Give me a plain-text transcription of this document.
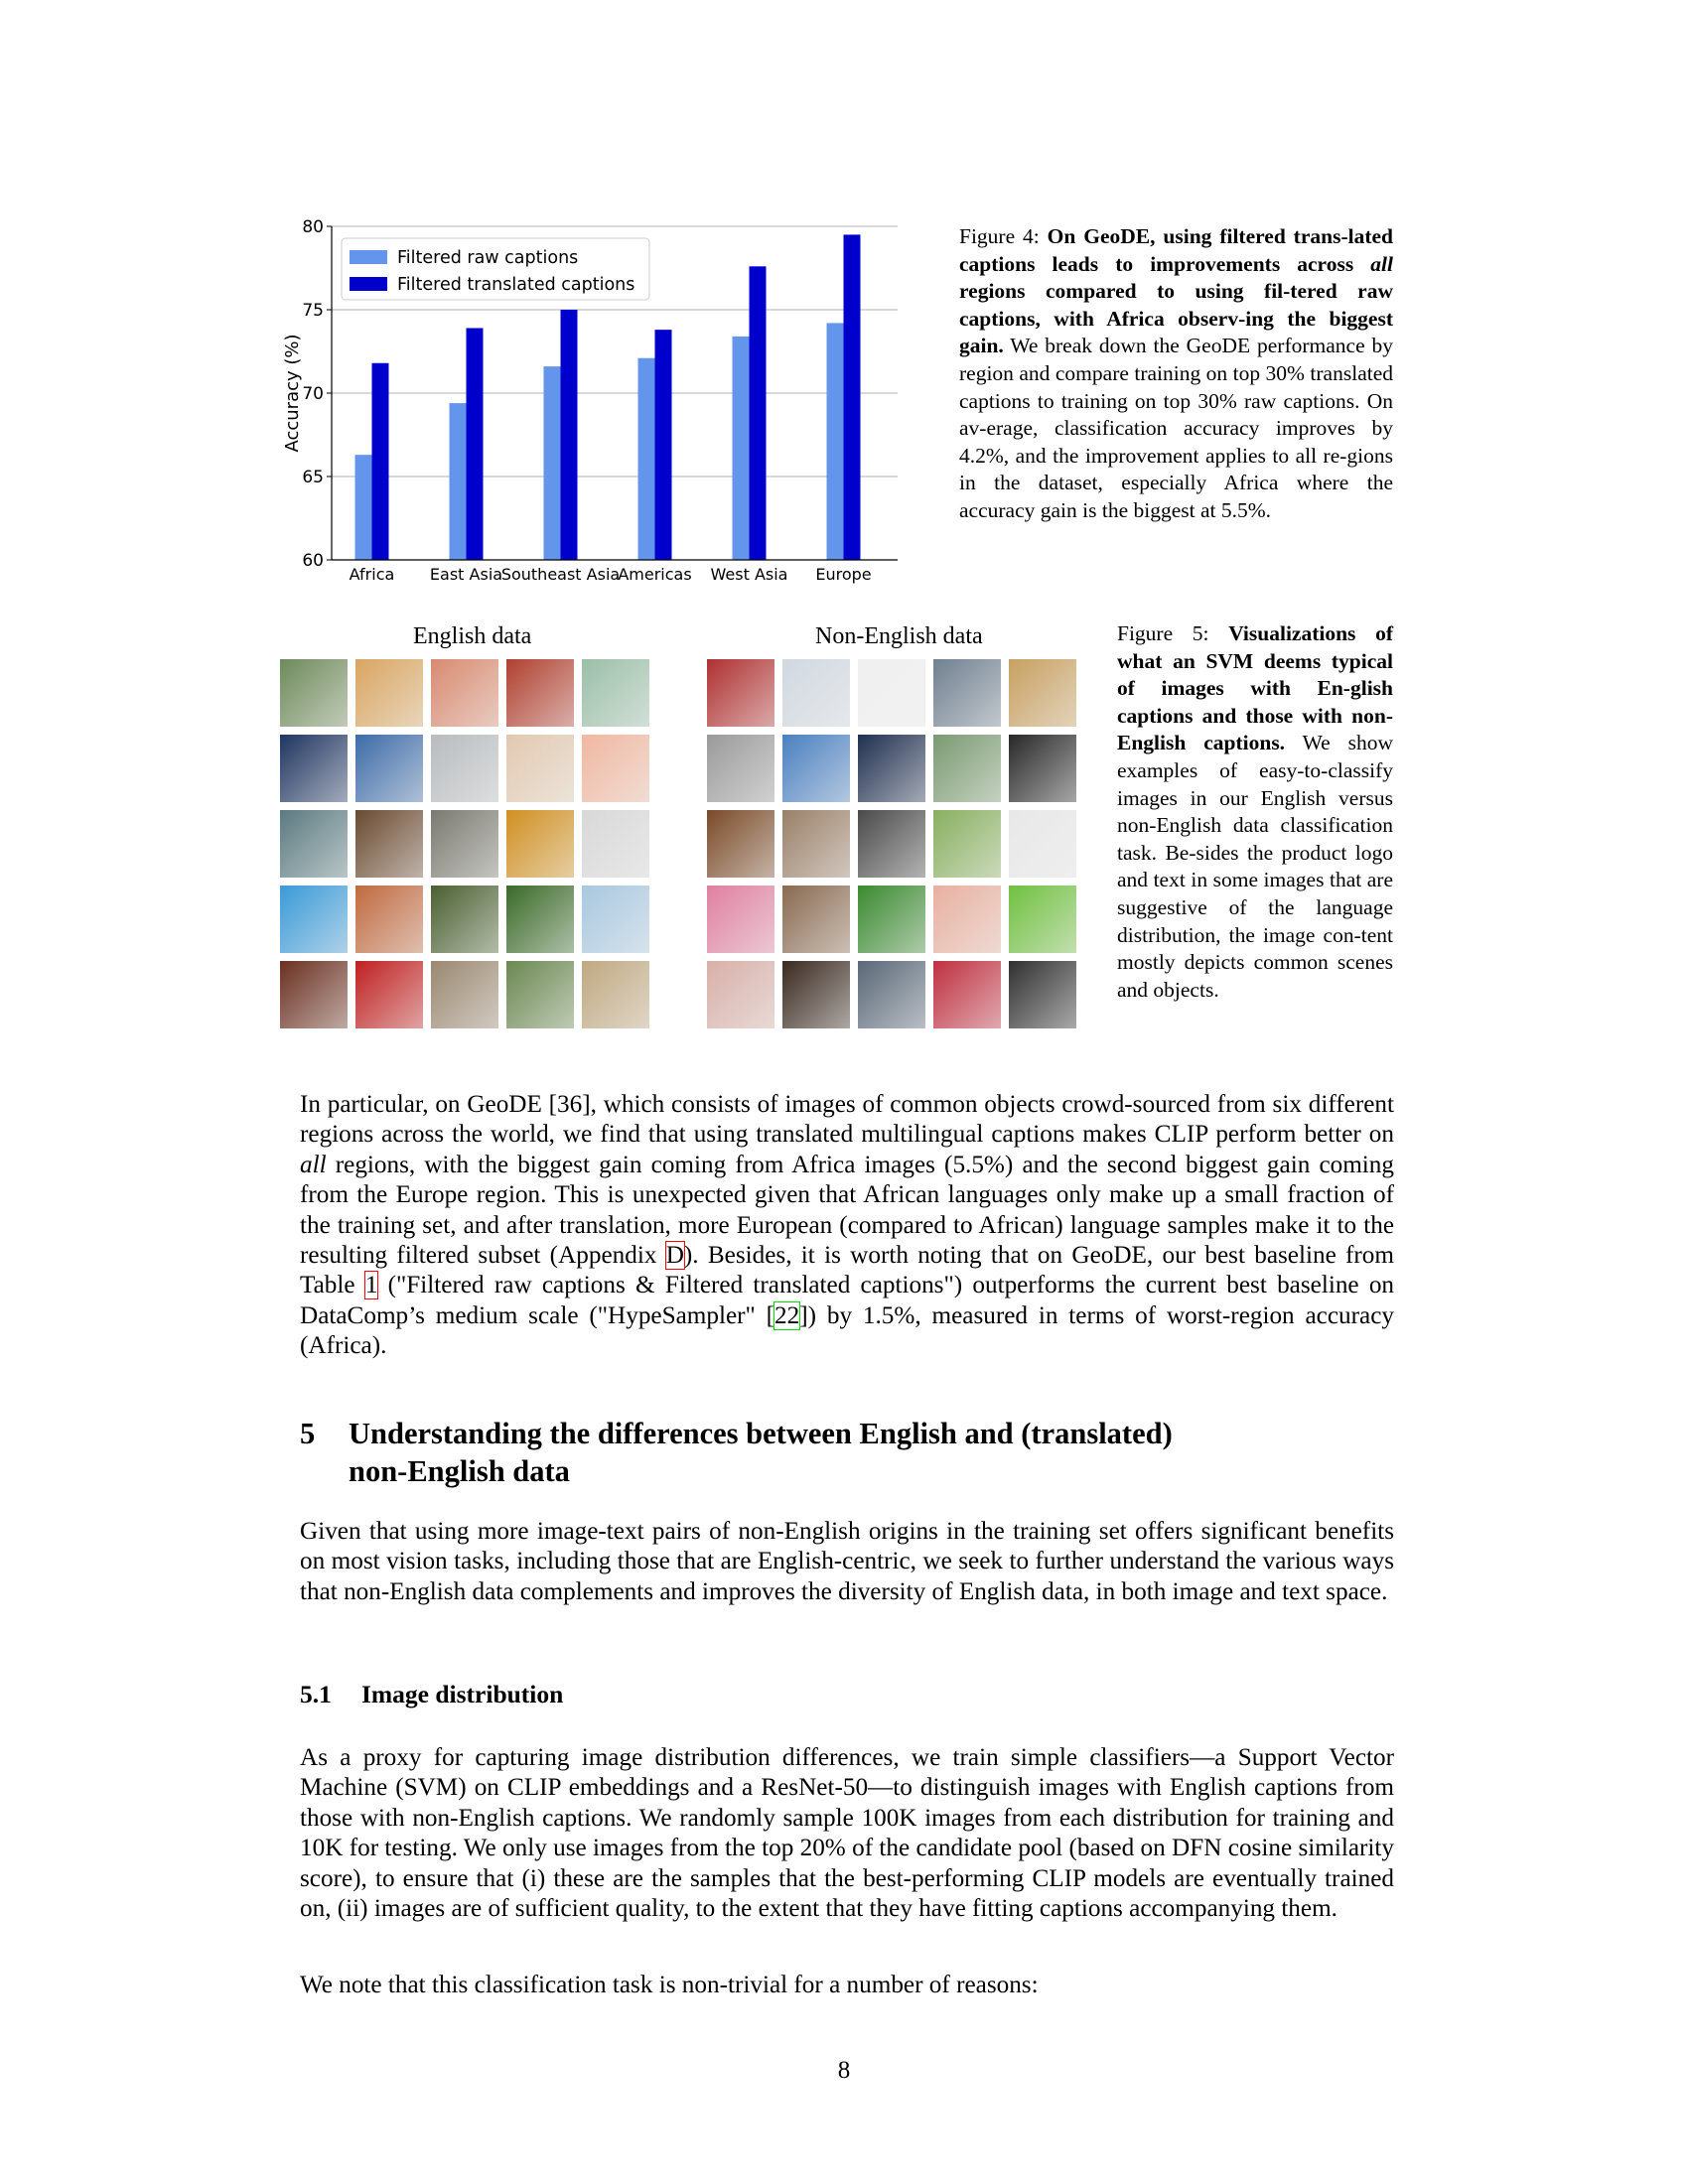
60
65
70
75
80
Africa East Asia
Southeast Asia
Americas West Asia Europe
Accuracy (%)
Filtered raw captions
Filtered translated captions
Figure 4: On GeoDE, using filtered trans-lated captions leads to improvements across all regions compared to using fil-tered raw captions, with Africa observ-ing the biggest gain. We break down the GeoDE performance by region and compare training on top 30% translated captions to training on top 30% raw captions. On av-erage, classification accuracy improves by 4.2%, and the improvement applies to all re-gions in the dataset, especially Africa where the accuracy gain is the biggest at 5.5%.
English data	Non-English data	Figure 5: Visualizations of what an SVM deems typical of images with En-glish captions and those with non-English captions. We show examples of easy-to-classify images in our English versus non-English data classification task. Be-sides the product logo and text in some images that are suggestive of the language distribution, the image con-tent mostly depicts common scenes and objects.
In particular, on GeoDE [36], which consists of images of common objects crowd-sourced from six different regions across the world, we find that using translated multilingual captions makes CLIP perform better on all regions, with the biggest gain coming from Africa images (5.5%) and the second biggest gain coming from the Europe region. This is unexpected given that African languages only make up a small fraction of the training set, and after translation, more European (compared to African) language samples make it to the resulting filtered subset (Appendix D). Besides, it is worth noting that on GeoDE, our best baseline from Table 1 ("Filtered raw captions & Filtered translated captions") outperforms the current best baseline on DataComp’s medium scale ("HypeSampler" [22]) by 1.5%, measured in terms of worst-region accuracy (Africa).
5 Understanding the differences between English and (translated)
non-English data
Given that using more image-text pairs of non-English origins in the training set offers significant benefits on most vision tasks, including those that are English-centric, we seek to further understand the various ways that non-English data complements and improves the diversity of English data, in both image and text space.
5.1 Image distribution
As a proxy for capturing image distribution differences, we train simple classifiers—a Support Vector Machine (SVM) on CLIP embeddings and a ResNet-50—to distinguish images with English captions from those with non-English captions. We randomly sample 100K images from each distribution for training and 10K for testing. We only use images from the top 20% of the candidate pool (based on DFN cosine similarity score), to ensure that (i) these are the samples that the best-performing CLIP models are eventually trained on, (ii) images are of sufficient quality, to the extent that they have fitting captions accompanying them.
We note that this classification task is non-trivial for a number of reasons:
8
